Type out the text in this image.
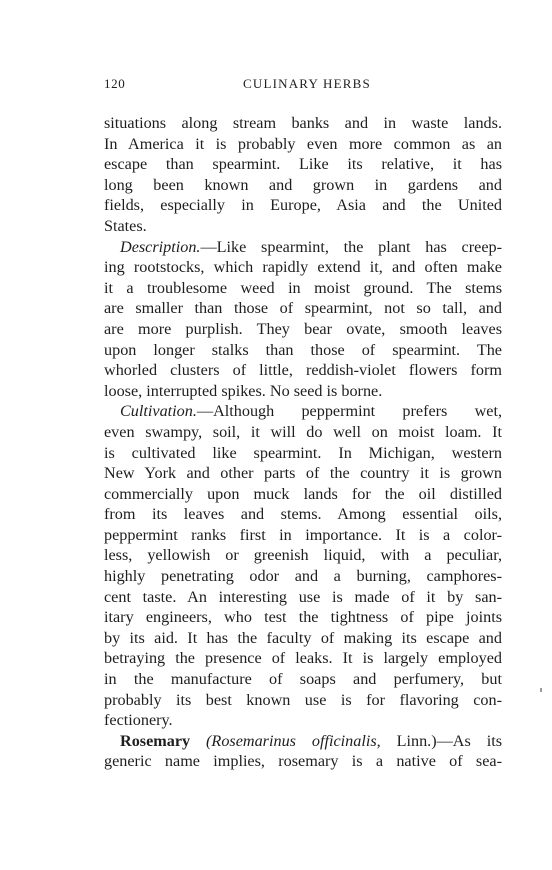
120	CULINARY HERBS
situations along stream banks and in waste lands.
In America it is probably even more common as an
escape than spearmint. Like its relative, it has
long been known and grown in gardens and
fields, especially in Europe, Asia and the United
States.
Description.—Like spearmint, the plant has creep-
ing rootstocks, which rapidly extend it, and often make
it a troublesome weed in moist ground. The stems
are smaller than those of spearmint, not so tall, and
are more purplish. They bear ovate, smooth leaves
upon longer stalks than those of spearmint. The
whorled clusters of little, reddish-violet flowers form
loose, interrupted spikes. No seed is borne.
Cultivation.—Although peppermint prefers wet,
even swampy, soil, it will do well on moist loam. It
is cultivated like spearmint. In Michigan, western
New York and other parts of the country it is grown
commercially upon muck lands for the oil distilled
from its leaves and stems. Among essential oils,
peppermint ranks first in importance. It is a color-
less, yellowish or greenish liquid, with a peculiar,
highly penetrating odor and a burning, camphores-
cent taste. An interesting use is made of it by san-
itary engineers, who test the tightness of pipe joints
by its aid. It has the faculty of making its escape and
betraying the presence of leaks. It is largely employed
in the manufacture of soaps and perfumery, but
probably its best known use is for flavoring con-
fectionery.
Rosemary (Rosemarinus officinalis, Linn.)—As its
generic name implies, rosemary is a native of sea-
